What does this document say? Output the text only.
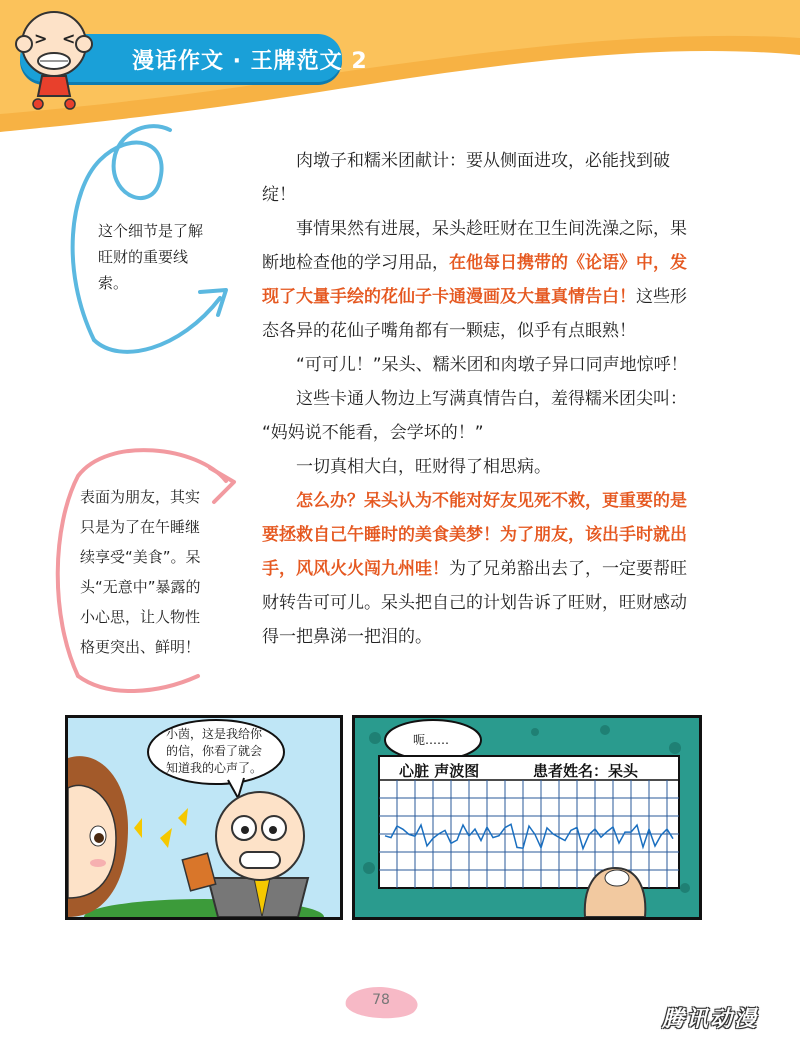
漫话作文 · 王牌范文 2
> <
这个细节是了解旺财的重要线索。
表面为朋友，其实只是为了在午睡继续享受“美食”。呆头“无意中”暴露的小心思，让人物性格更突出、鲜明！

肉墩子和糯米团献计：要从侧面进攻，必能找到破绽！

事情果然有进展，呆头趁旺财在卫生间洗澡之际，果断地检查他的学习用品，在他每日携带的《论语》中，发现了大量手绘的花仙子卡通漫画及大量真情告白！这些形态各异的花仙子嘴角都有一颗痣，似乎有点眼熟！

“可可儿！”呆头、糯米团和肉墩子异口同声地惊呼！

这些卡通人物边上写满真情告白，羞得糯米团尖叫：

“妈妈说不能看，会学坏的！”

一切真相大白，旺财得了相思病。

怎么办？呆头认为不能对好友见死不救，更重要的是要拯救自己午睡时的美食美梦！为了朋友，该出手时就出手，风风火火闯九州哇！为了兄弟豁出去了，一定要帮旺财转告可可儿。呆头把自己的计划告诉了旺财，旺财感动得一把鼻涕一把泪的。

小茵，这是我给你的信，你看了就会知道我的心声了。
呃……
心脏 声波图	患者姓名：呆头
78
腾讯动漫
